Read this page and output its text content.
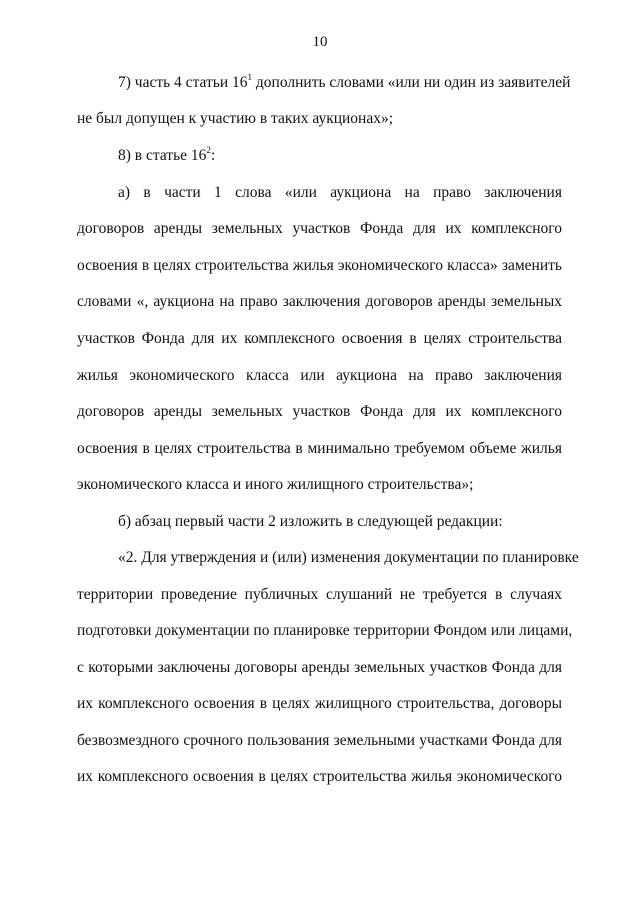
10
7) часть 4 статьи $16^1$ дополнить словами «или ни один из заявителей
не был допущен к участию в таких аукционах»;
8) в статье $16^2$:
а) в части 1 слова «или аукциона на право заключения
договоров аренды земельных участков Фонда для их комплексного
освоения в целях строительства жилья экономического класса» заменить
словами «, аукциона на право заключения договоров аренды земельных
участков Фонда для их комплексного освоения в целях строительства
жилья экономического класса или аукциона на право заключения
договоров аренды земельных участков Фонда для их комплексного
освоения в целях строительства в минимально требуемом объеме жилья
экономического класса и иного жилищного строительства»;
б) абзац первый части 2 изложить в следующей редакции:
«2. Для утверждения и (или) изменения документации по планировке
территории проведение публичных слушаний не требуется в случаях
подготовки документации по планировке территории Фондом или лицами,
с которыми заключены договоры аренды земельных участков Фонда для
их комплексного освоения в целях жилищного строительства, договоры
безвозмездного срочного пользования земельными участками Фонда для
их комплексного освоения в целях строительства жилья экономического
